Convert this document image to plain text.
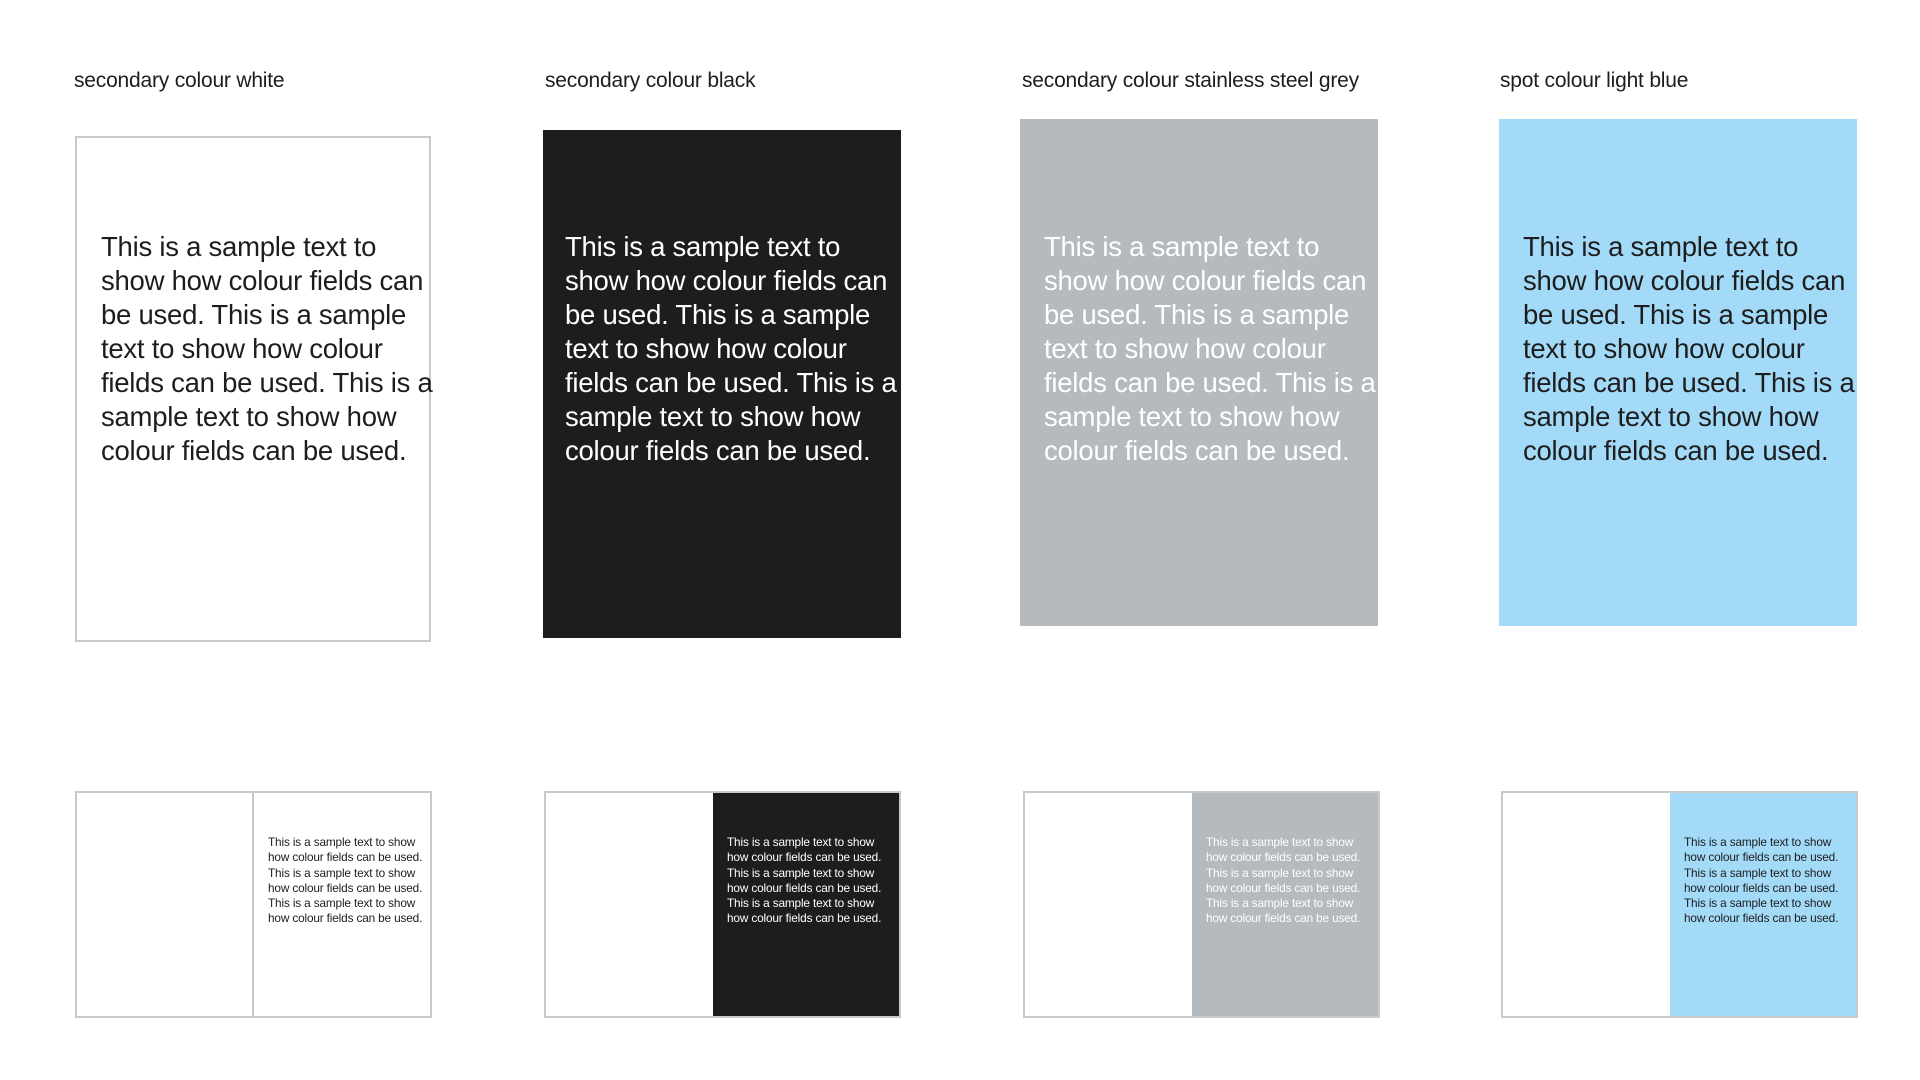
secondary colour white	secondary colour black	secondary colour stainless steel grey	spot colour light blue
This is a sample text to show how colour fields can be used. This is a sample text to show how colour fields can be used. This is a sample text to show how colour fields can be used.
This is a sample text to show how colour fields can be used. This is a sample text to show how colour fields can be used. This is a sample text to show how colour fields can be used.
This is a sample text to show how colour fields can be used. This is a sample text to show how colour fields can be used. This is a sample text to show how colour fields can be used.
This is a sample text to show how colour fields can be used. This is a sample text to show how colour fields can be used. This is a sample text to show how colour fields can be used.
This is a sample text to show how colour fields can be used. This is a sample text to show how colour fields can be used. This is a sample text to show how colour fields can be used.
This is a sample text to show how colour fields can be used. This is a sample text to show how colour fields can be used. This is a sample text to show how colour fields can be used.
This is a sample text to show how colour fields can be used. This is a sample text to show how colour fields can be used. This is a sample text to show how colour fields can be used.
This is a sample text to show how colour fields can be used. This is a sample text to show how colour fields can be used. This is a sample text to show how colour fields can be used.
